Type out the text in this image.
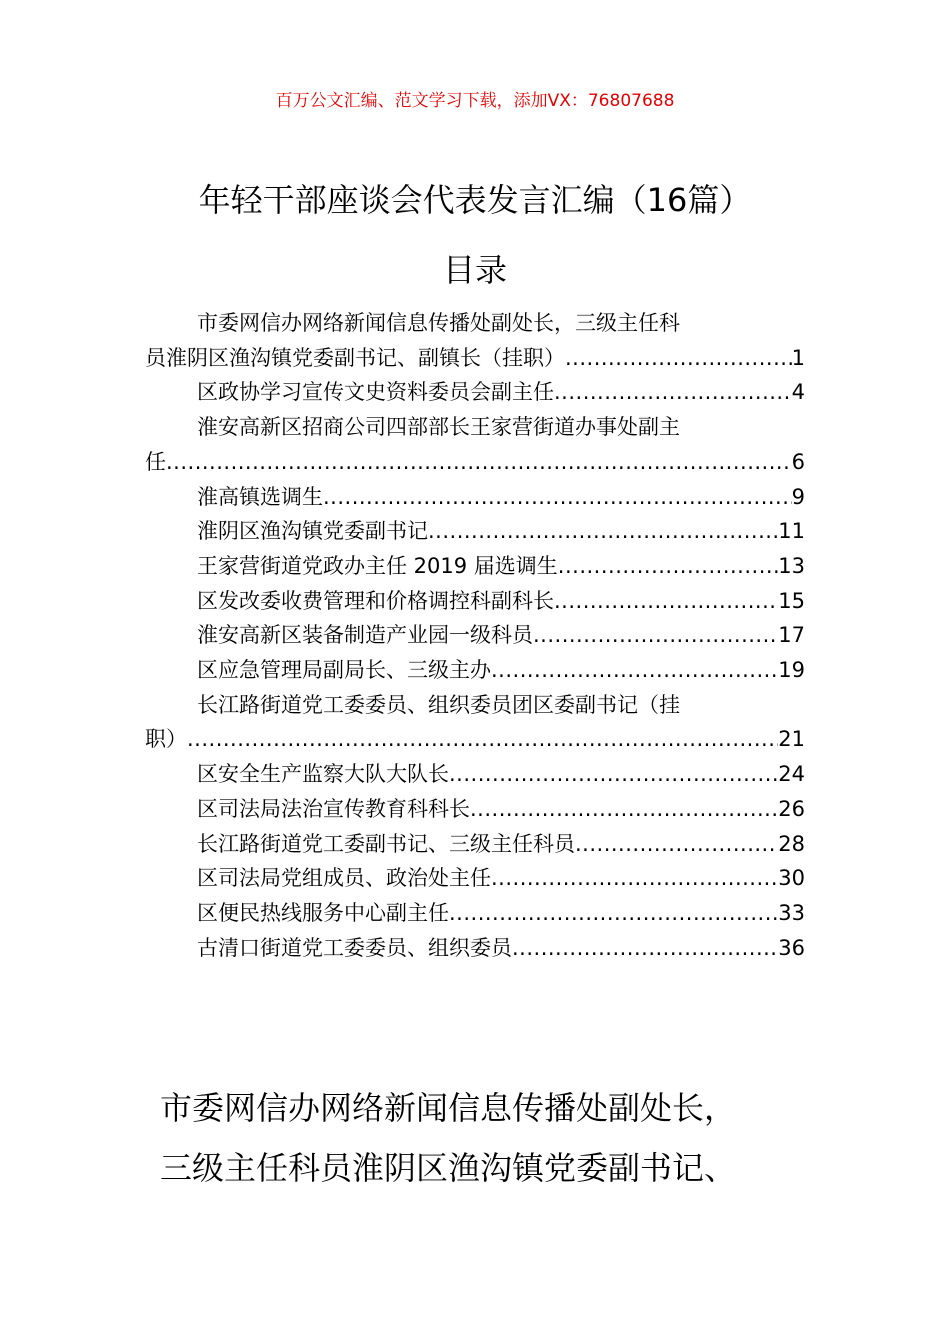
百万公文汇编、范文学习下载，添加VX：76807688
年轻干部座谈会代表发言汇编（16篇）
目录
市委网信办网络新闻信息传播处副处长，三级主任科
员淮阴区渔沟镇党委副书记、副镇长（挂职） .....	1
区政协学习宣传文史资料委员会副主任 .....	4
淮安高新区招商公司四部部长王家营街道办事处副主
任 .....	6
淮高镇选调生 .....	9
淮阴区渔沟镇党委副书记 .....	11
王家营街道党政办主任 2019 届选调生 .....	13
区发改委收费管理和价格调控科副科长 .....	15
淮安高新区装备制造产业园一级科员 .....	17
区应急管理局副局长、三级主办 .....	19
长江路街道党工委委员、组织委员团区委副书记（挂
职） .....	21
区安全生产监察大队大队长 .....	24
区司法局法治宣传教育科科长 .....	26
长江路街道党工委副书记、三级主任科员 .....	28
区司法局党组成员、政治处主任 .....	30
区便民热线服务中心副主任 .....	33
古清口街道党工委委员、组织委员 .....	36
市委网信办网络新闻信息传播处副处长，
三级主任科员淮阴区渔沟镇党委副书记、
